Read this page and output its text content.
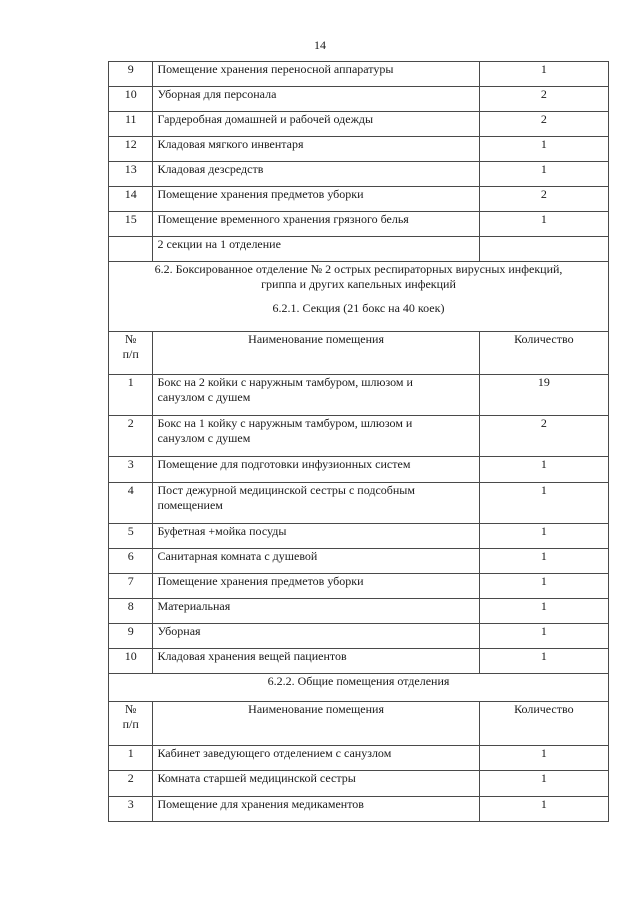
14
9	Помещение хранения переносной аппаратуры	1
10	Уборная для персонала	2
11	Гардеробная домашней и рабочей одежды	2
12	Кладовая мягкого инвентаря	1
13	Кладовая дезсредств	1
14	Помещение хранения предметов уборки	2
15	Помещение временного хранения грязного белья	1
	2 секции на 1 отделение	

6.2. Боксированное отделение № 2 острых респираторных вирусных инфекций,
гриппа и других капельных инфекций
6.2.1. Секция (21 бокс на 40 коек)		

№
п/п	Наименование помещения	Количество
1	Бокс на 2 койки с наружным тамбуром, шлюзом и
санузлом с душем	19
2	Бокс на 1 койку с наружным тамбуром, шлюзом и
санузлом с душем	2
3	Помещение для подготовки инфузионных систем	1
4	Пост дежурной медицинской сестры с подсобным
помещением	1
5	Буфетная +мойка посуды	1
6	Санитарная комната с душевой	1
7	Помещение хранения предметов уборки	1
8	Материальная	1
9	Уборная	1
10	Кладовая хранения вещей пациентов	1
6.2.2. Общие помещения отделения		

№
п/п	Наименование помещения	Количество
1	Кабинет заведующего отделением с санузлом	1
2	Комната старшей медицинской сестры	1
3	Помещение для хранения медикаментов	1
